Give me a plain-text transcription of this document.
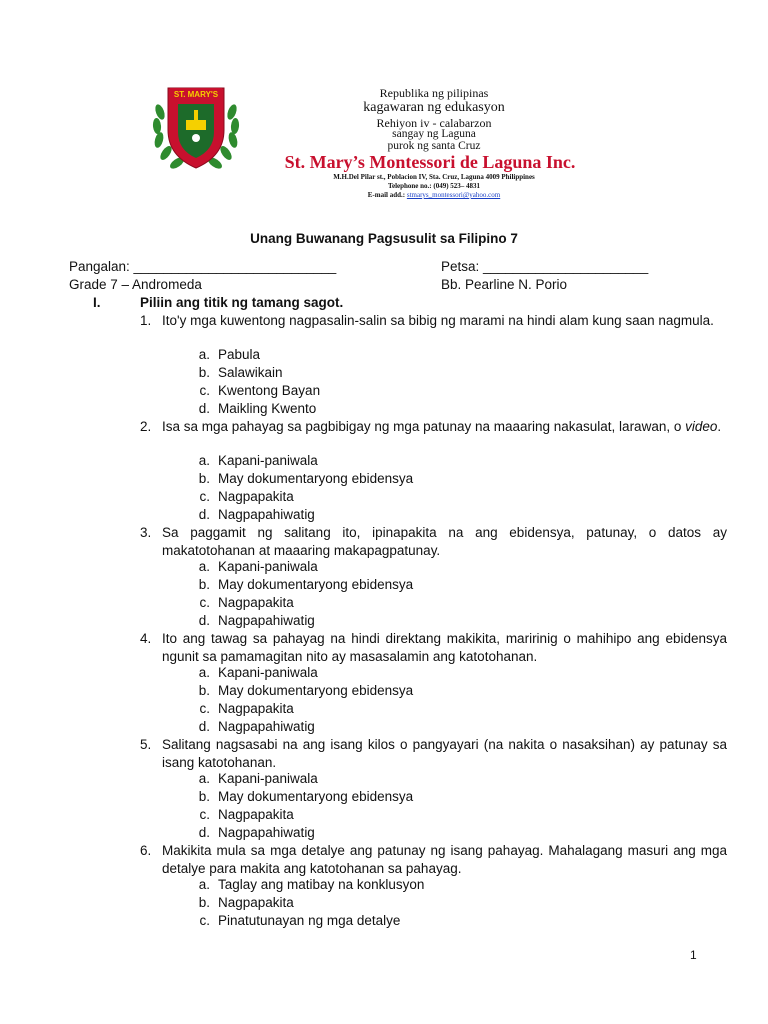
ST. MARY'S	Republika ng pilipinas
kagawaran ng edukasyon
Rehiyon iv - calabarzon
sangay ng Laguna
purok ng santa Cruz
St. Mary’s Montessori de Laguna Inc.
M.H.Del Pilar st., Poblacion IV, Sta. Cruz, Laguna 4009 Philippines
Telephone no.: (049) 523– 4831
E-mail add.: stmarys_montessori@yahoo.com
Unang Buwanang Pagsusulit sa Filipino 7
Pangalan: ___________________________	Petsa: ______________________
Grade 7 – Andromeda	Bb. Pearline N. Porio
I.	Piliin ang titik ng tamang sagot.
1. Ito'y mga kuwentong nagpasalin-salin sa bibig ng marami na hindi alam kung saan nagmula.
a. Pabula
b. Salawikain
c. Kwentong Bayan
d. Maikling Kwento
2. Isa sa mga pahayag sa pagbibigay ng mga patunay na maaaring nakasulat, larawan, o video.
a. Kapani-paniwala
b. May dokumentaryong ebidensya
c. Nagpapakita
d. Nagpapahiwatig
3. Sa paggamit ng salitang ito, ipinapakita na ang ebidensya, patunay, o datos ay makatotohanan at maaaring makapagpatunay.
a. Kapani-paniwala
b. May dokumentaryong ebidensya
c. Nagpapakita
d. Nagpapahiwatig
4. Ito ang tawag sa pahayag na hindi direktang makikita, maririnig o mahihipo ang ebidensya ngunit sa pamamagitan nito ay masasalamin ang katotohanan.
a. Kapani-paniwala
b. May dokumentaryong ebidensya
c. Nagpapakita
d. Nagpapahiwatig
5. Salitang nagsasabi na ang isang kilos o pangyayari (na nakita o nasaksihan) ay patunay sa isang katotohanan.
a. Kapani-paniwala
b. May dokumentaryong ebidensya
c. Nagpapakita
d. Nagpapahiwatig
6. Makikita mula sa mga detalye ang patunay ng isang pahayag. Mahalagang masuri ang mga detalye para makita ang katotohanan sa pahayag.
a. Taglay ang matibay na konklusyon
b. Nagpapakita
c. Pinatutunayan ng mga detalye
1
